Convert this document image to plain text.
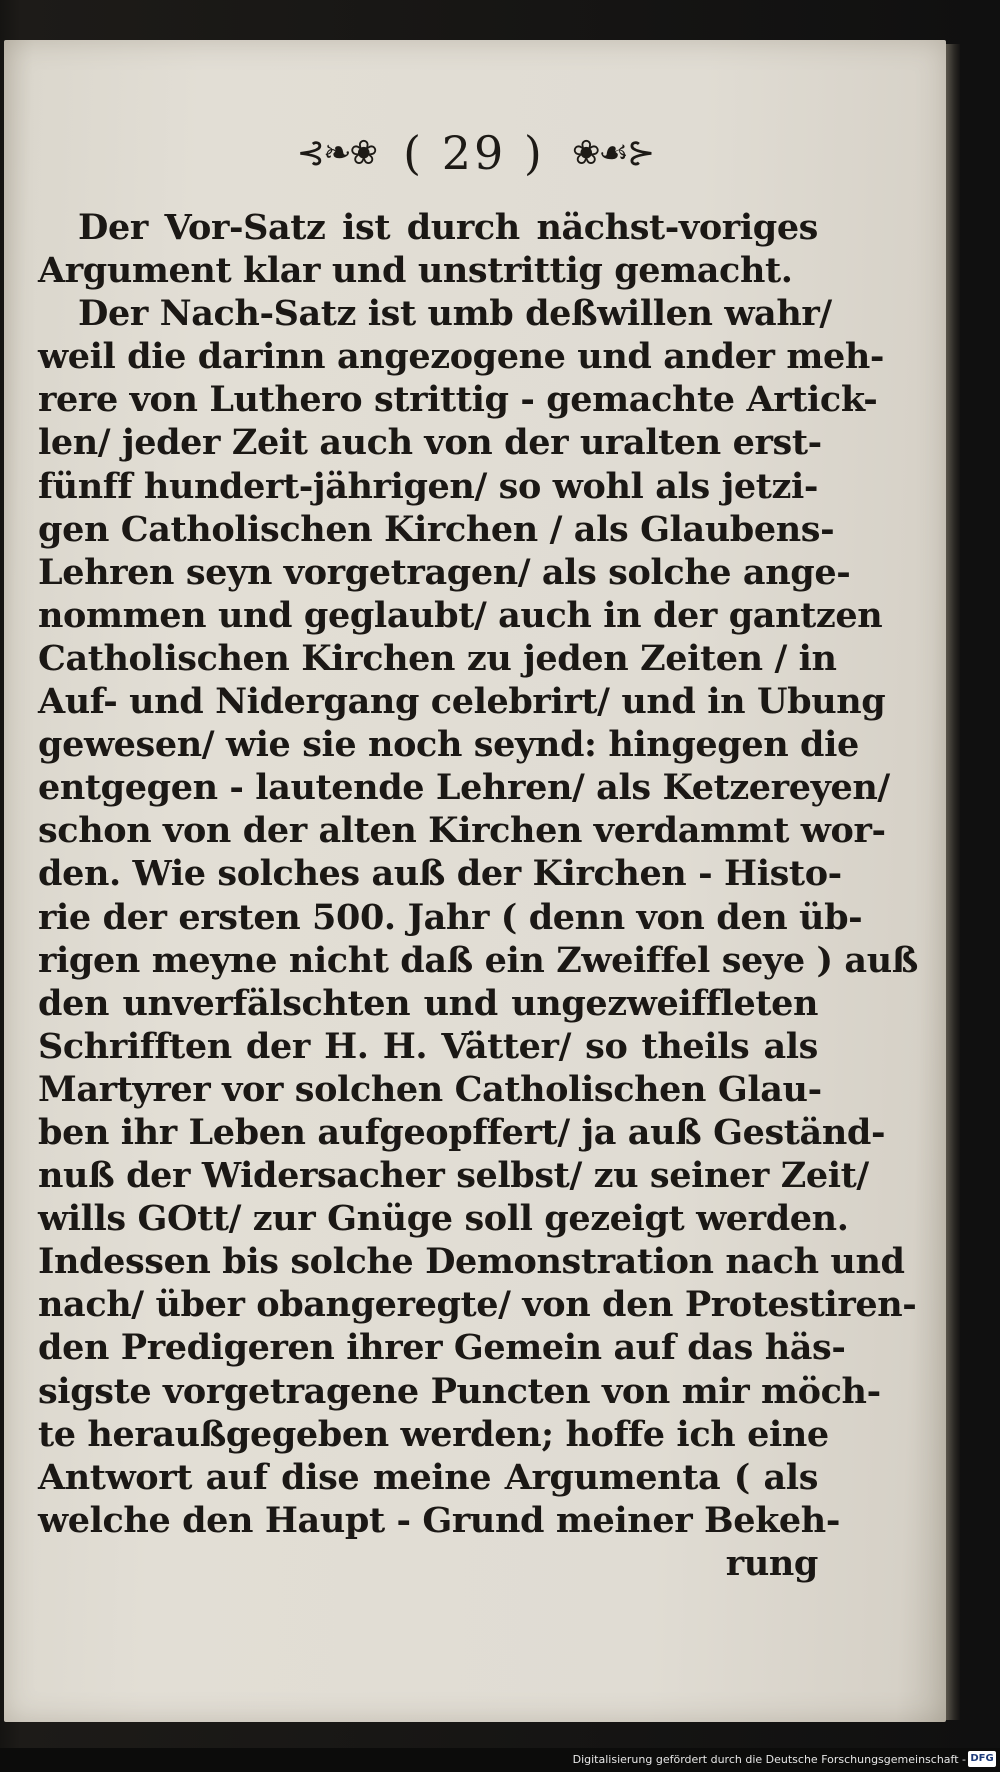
⊰❧❀ ( 29 ) ❀☙⊱
Der Vor-Satz ist durch nächst-voriges
Argument klar und unstrittig gemacht.
Der Nach-Satz ist umb deßwillen wahr/
weil die darinn angezogene und ander meh-
rere von Luthero strittig - gemachte Artick-
len/ jeder Zeit auch von der uralten erst-
fünff hundert-jährigen/ so wohl als jetzi-
gen Catholischen Kirchen / als Glaubens-
Lehren seyn vorgetragen/ als solche ange-
nommen und geglaubt/ auch in der gantzen
Catholischen Kirchen zu jeden Zeiten / in
Auf- und Nidergang celebrirt/ und in Ubung
gewesen/ wie sie noch seynd: hingegen die
entgegen - lautende Lehren/ als Ketzereyen/
schon von der alten Kirchen verdammt wor-
den. Wie solches auß der Kirchen - Histo-
rie der ersten 500. Jahr ( denn von den üb-
rigen meyne nicht daß ein Zweiffel seye ) auß
den unverfälschten und ungezweiffleten
Schrifften der H. H. Vätter/ so theils als
Martyrer vor solchen Catholischen Glau-
ben ihr Leben aufgeopffert/ ja auß Geständ-
nuß der Widersacher selbst/ zu seiner Zeit/
wills GOtt/ zur Gnüge soll gezeigt werden.
Indessen bis solche Demonstration nach und
nach/ über obangeregte/ von den Protestiren-
den Predigeren ihrer Gemein auf das häs-
sigste vorgetragene Puncten von mir möch-
te heraußgegeben werden; hoffe ich eine
Antwort auf dise meine Argumenta ( als
welche den Haupt - Grund meiner Bekeh-
rung
Digitalisierung gefördert durch die Deutsche Forschungsgemeinschaft - DFG
